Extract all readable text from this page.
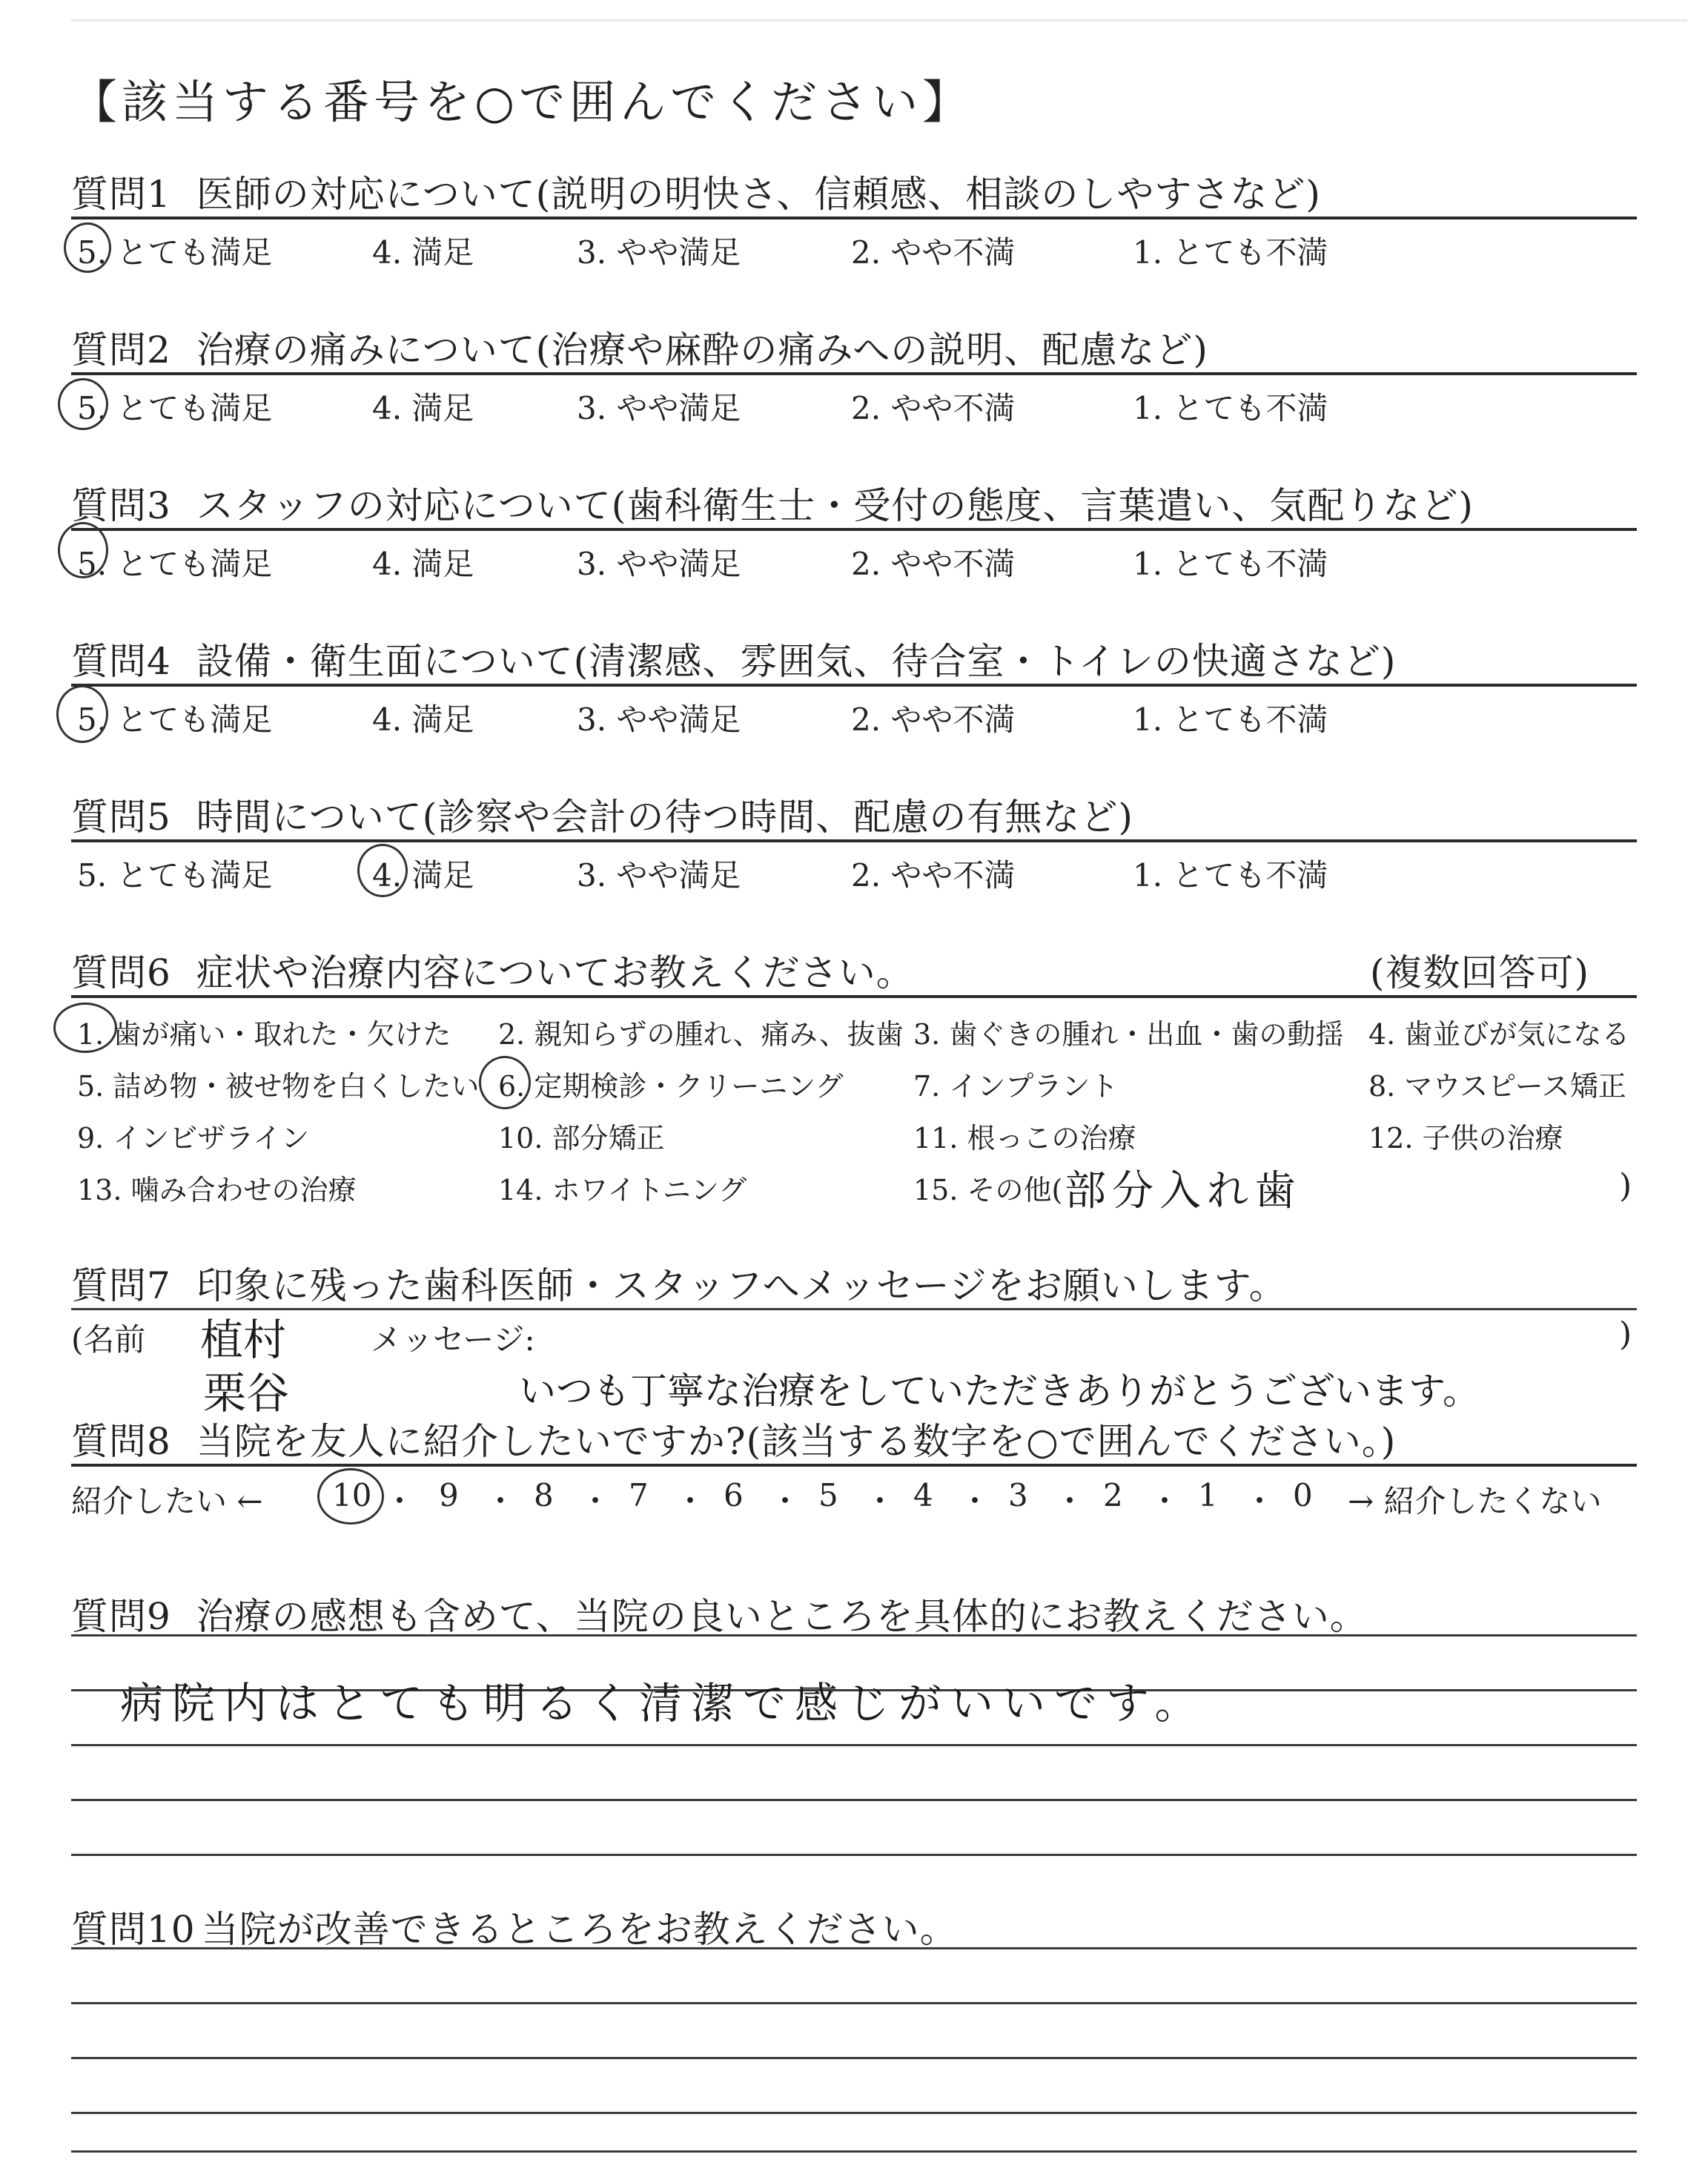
【該当する番号を○で囲んでください】
質問1 医師の対応について(説明の明快さ、信頼感、相談のしやすさなど)
5. とても満足	4. 満足	3. やや満足	2. やや不満	1. とても不満
質問2 治療の痛みについて(治療や麻酔の痛みへの説明、配慮など)
5. とても満足	4. 満足	3. やや満足	2. やや不満	1. とても不満
質問3 スタッフの対応について(歯科衛生士・受付の態度、言葉遣い、気配りなど)
5. とても満足	4. 満足	3. やや満足	2. やや不満	1. とても不満
質問4 設備・衛生面について(清潔感、雰囲気、待合室・トイレの快適さなど)
5. とても満足	4. 満足	3. やや満足	2. やや不満	1. とても不満
質問5 時間について(診察や会計の待つ時間、配慮の有無など)
5. とても満足	4. 満足	3. やや満足	2. やや不満	1. とても不満
質問6 症状や治療内容についてお教えください。	(複数回答可)
1. 歯が痛い・取れた・欠けた 2. 親知らずの腫れ、痛み、抜歯 3. 歯ぐきの腫れ・出血・歯の動揺 4. 歯並びが気になる
5. 詰め物・被せ物を白くしたい 6. 定期検診・クリーニング 7. インプラント	8. マウスピース矯正
9. インビザライン	10. 部分矯正	11. 根っこの治療	12. 子供の治療
13. 噛み合わせの治療	14. ホワイトニング	15. その他( 部分入れ歯	)
質問7 印象に残った歯科医師・スタッフへメッセージをお願いします。
(名前 植村	メッセージ:
栗谷	いつも丁寧な治療をしていただきありがとうございます。
)
質問8 当院を友人に紹介したいですか?(該当する数字を○で囲んでください。)
紹介したい ←	→ 紹介したくない
10 ・ 9 ・ 8 ・ 7 ・ 6 ・ 5 ・ 4 ・ 3 ・ 2 ・ 1 ・ 0
質問9 治療の感想も含めて、当院の良いところを具体的にお教えください。
病院内はとても明るく清潔で感じがいいです。
質問10 当院が改善できるところをお教えください。
